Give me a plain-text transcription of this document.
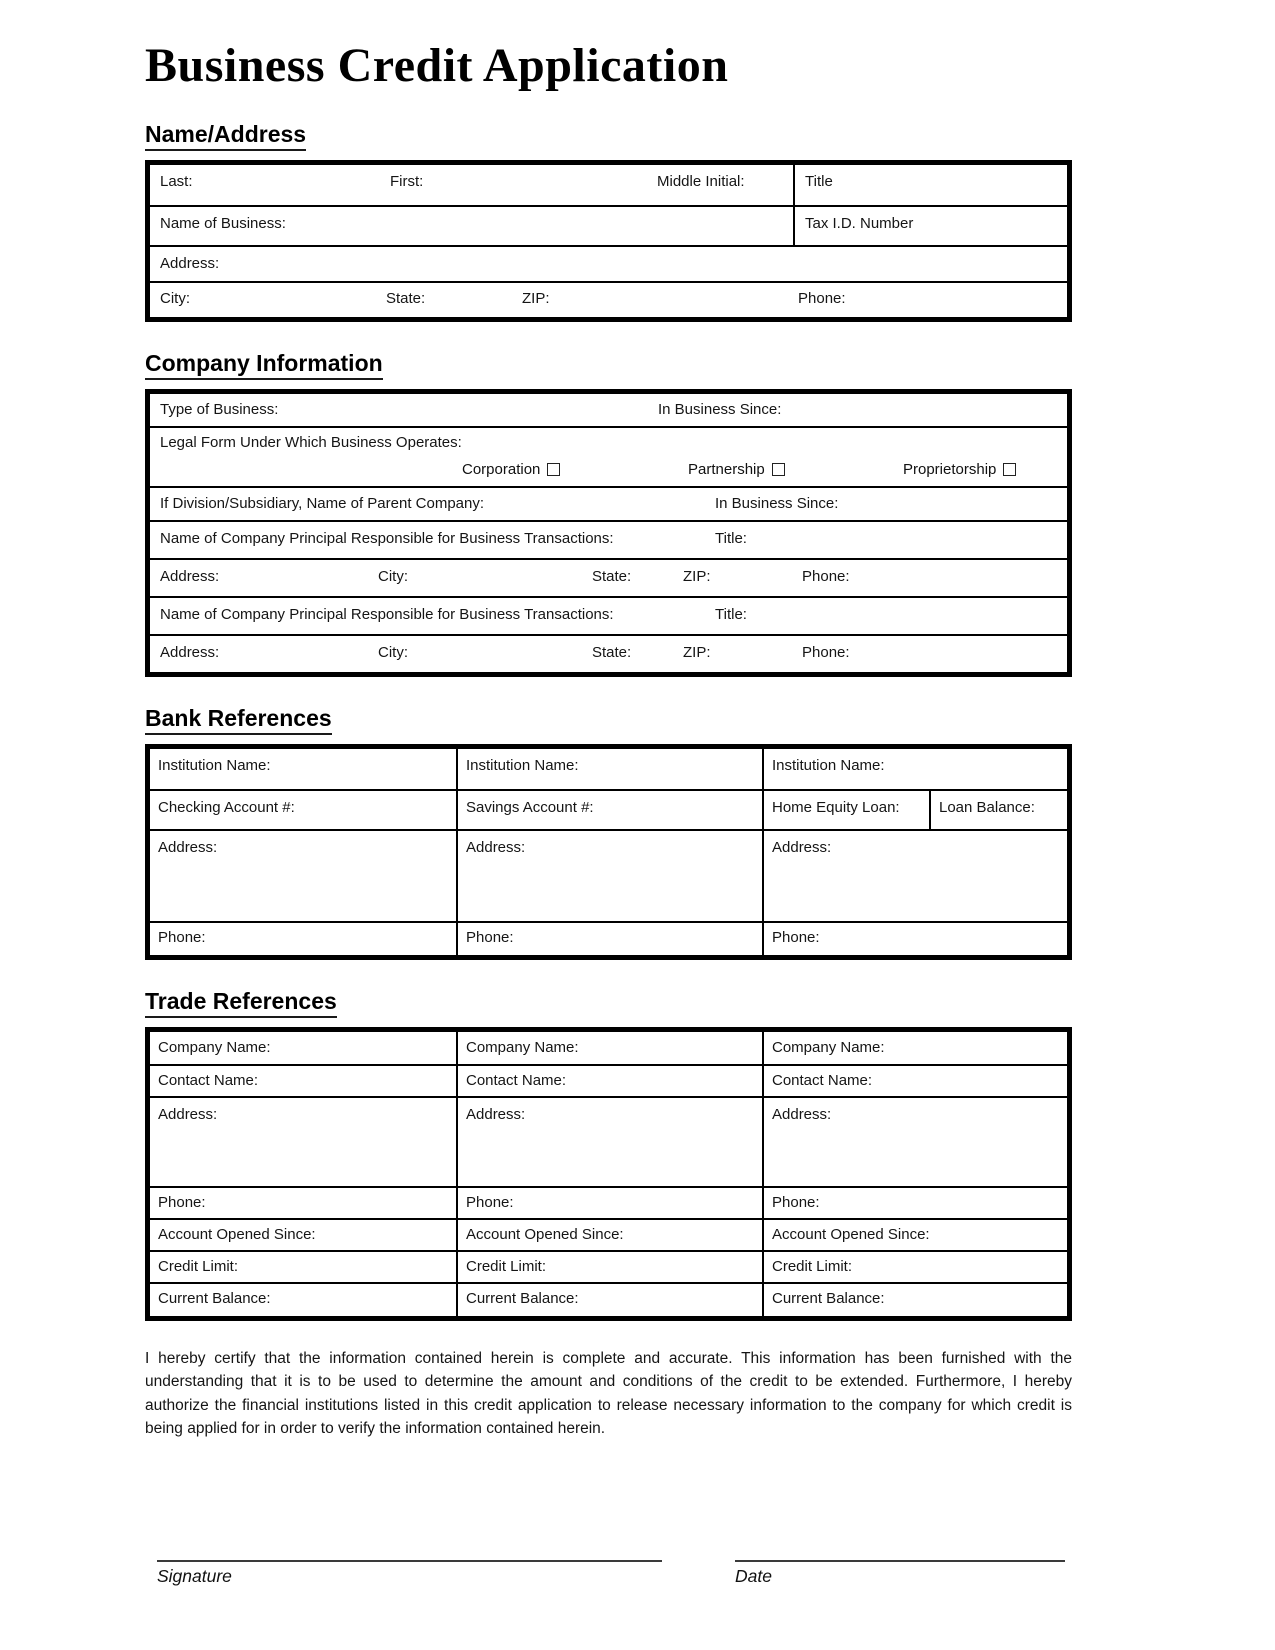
Business Credit Application
Name/Address
Last:	First:	Middle Initial:	Title
Name of Business:	Tax I.D. Number
Address:
City:	State:	ZIP:	Phone:
Company Information
Type of Business:	In Business Since:
Legal Form Under Which Business Operates:
Corporation	Partnership	Proprietorship
If Division/Subsidiary, Name of Parent Company:	In Business Since:
Name of Company Principal Responsible for Business Transactions:	Title:
Address:	City:	State:	ZIP:	Phone:
Name of Company Principal Responsible for Business Transactions:	Title:
Address:	City:	State:	ZIP:	Phone:
Bank References
Institution Name:	Institution Name:	Institution Name:
Checking Account #:	Savings Account #:	Home Equity Loan:	Loan Balance:
Address:	Address:	Address:
Phone:	Phone:	Phone:
Trade References
Company Name:	Company Name:	Company Name:
Contact Name:	Contact Name:	Contact Name:
Address:	Address:	Address:
Phone:	Phone:	Phone:
Account Opened Since:	Account Opened Since:	Account Opened Since:
Credit Limit:	Credit Limit:	Credit Limit:
Current Balance:	Current Balance:	Current Balance:

I hereby certify that the information contained herein is complete and accurate. This information has been furnished with the understanding that it is to be used to determine the amount and conditions of the credit to be extended. Furthermore, I hereby authorize the financial institutions listed in this credit application to release necessary information to the company for which credit is being applied for in order to verify the information contained herein.

Signature	Date
